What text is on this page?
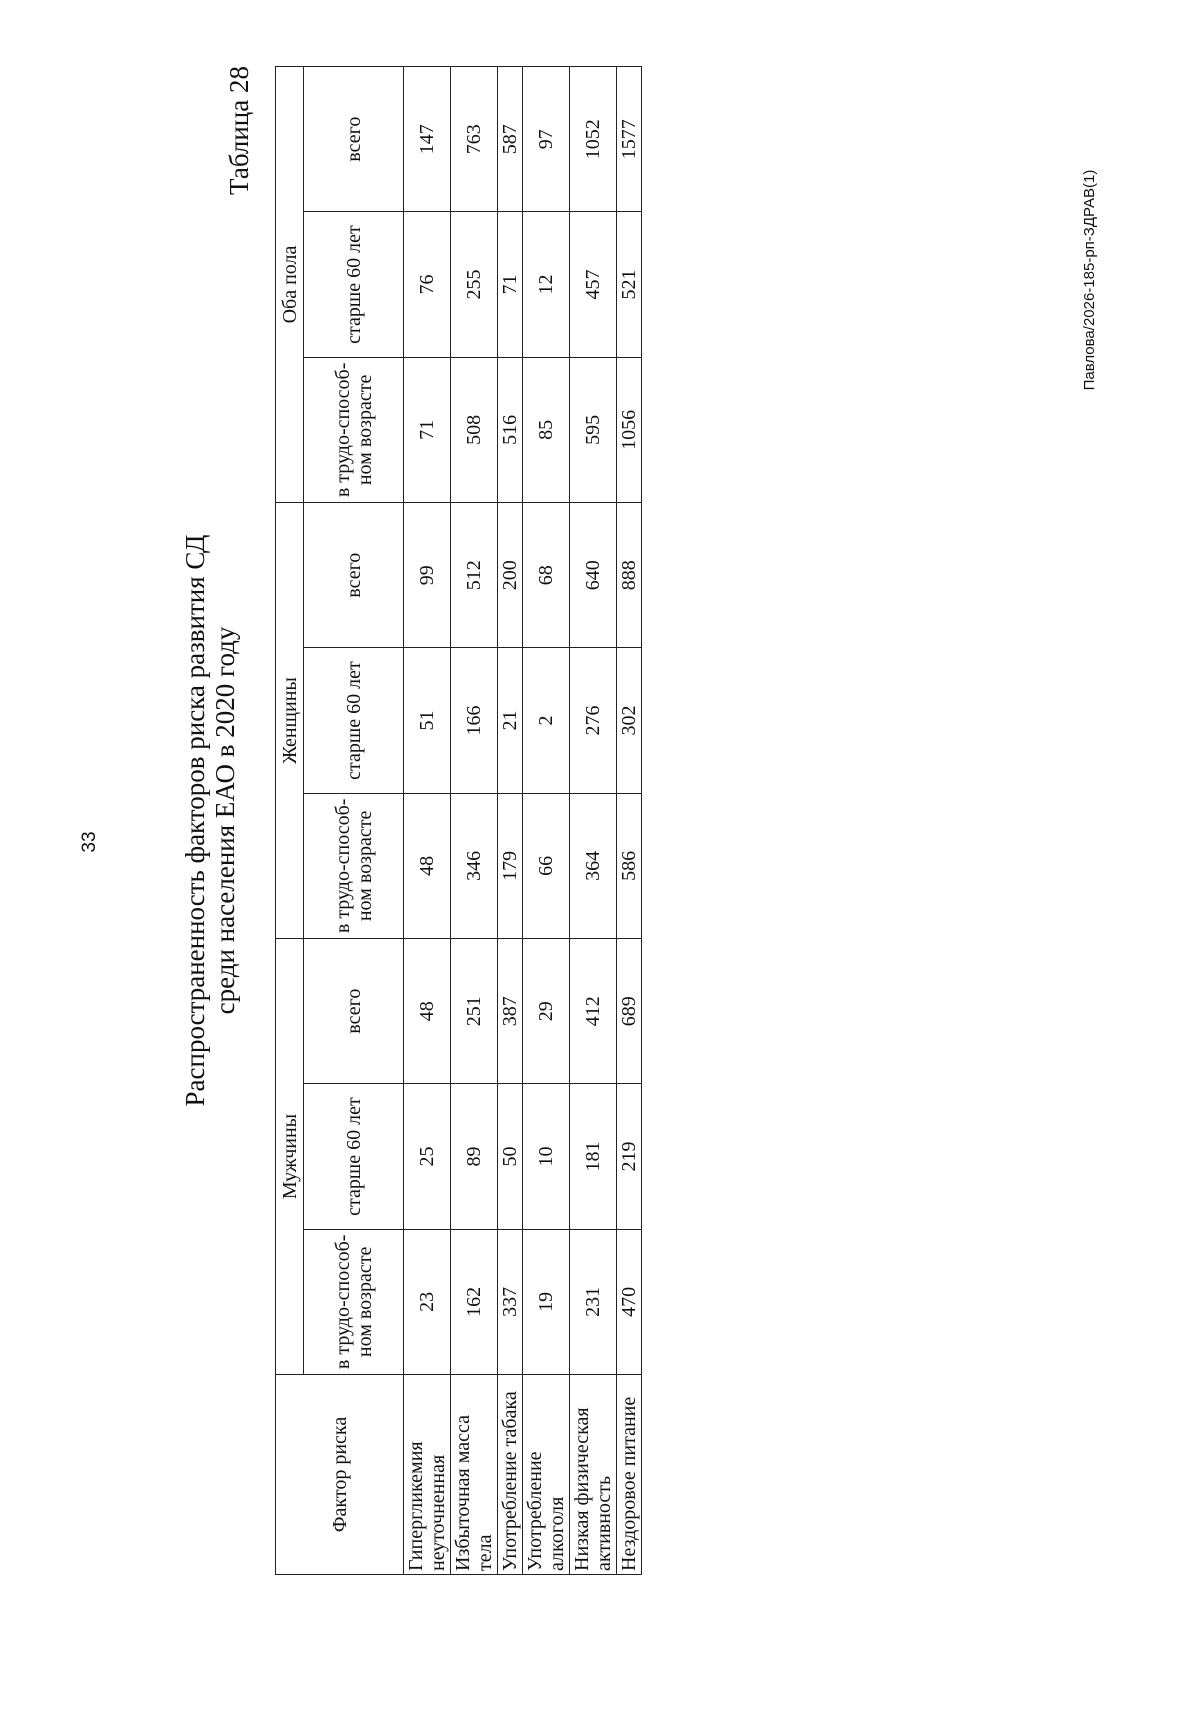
33
Павлова/2026-185-рп-ЗДРАВ(1)
Распространенность факторов риска развития СД среди населения ЕАО в 2020 году
Таблица 28
Фактор риска	Мужчины			Женщины			Оба пола		
	в трудо-способ-ном возрасте	старше 60 лет	всего	в трудо-способ-ном возрасте	старше 60 лет	всего	в трудо-способ-ном возрасте	старше 60 лет	всего
Гипергликемия неуточненная	23	25	48	48	51	99	71	76	147
Избыточная масса тела	162	89	251	346	166	512	508	255	763
Употребление табака	337	50	387	179	21	200	516	71	587
Употребление алкоголя	19	10	29	66	2	68	85	12	97
Низкая физическая активность	231	181	412	364	276	640	595	457	1052
Нездоровое питание	470	219	689	586	302	888	1056	521	1577
